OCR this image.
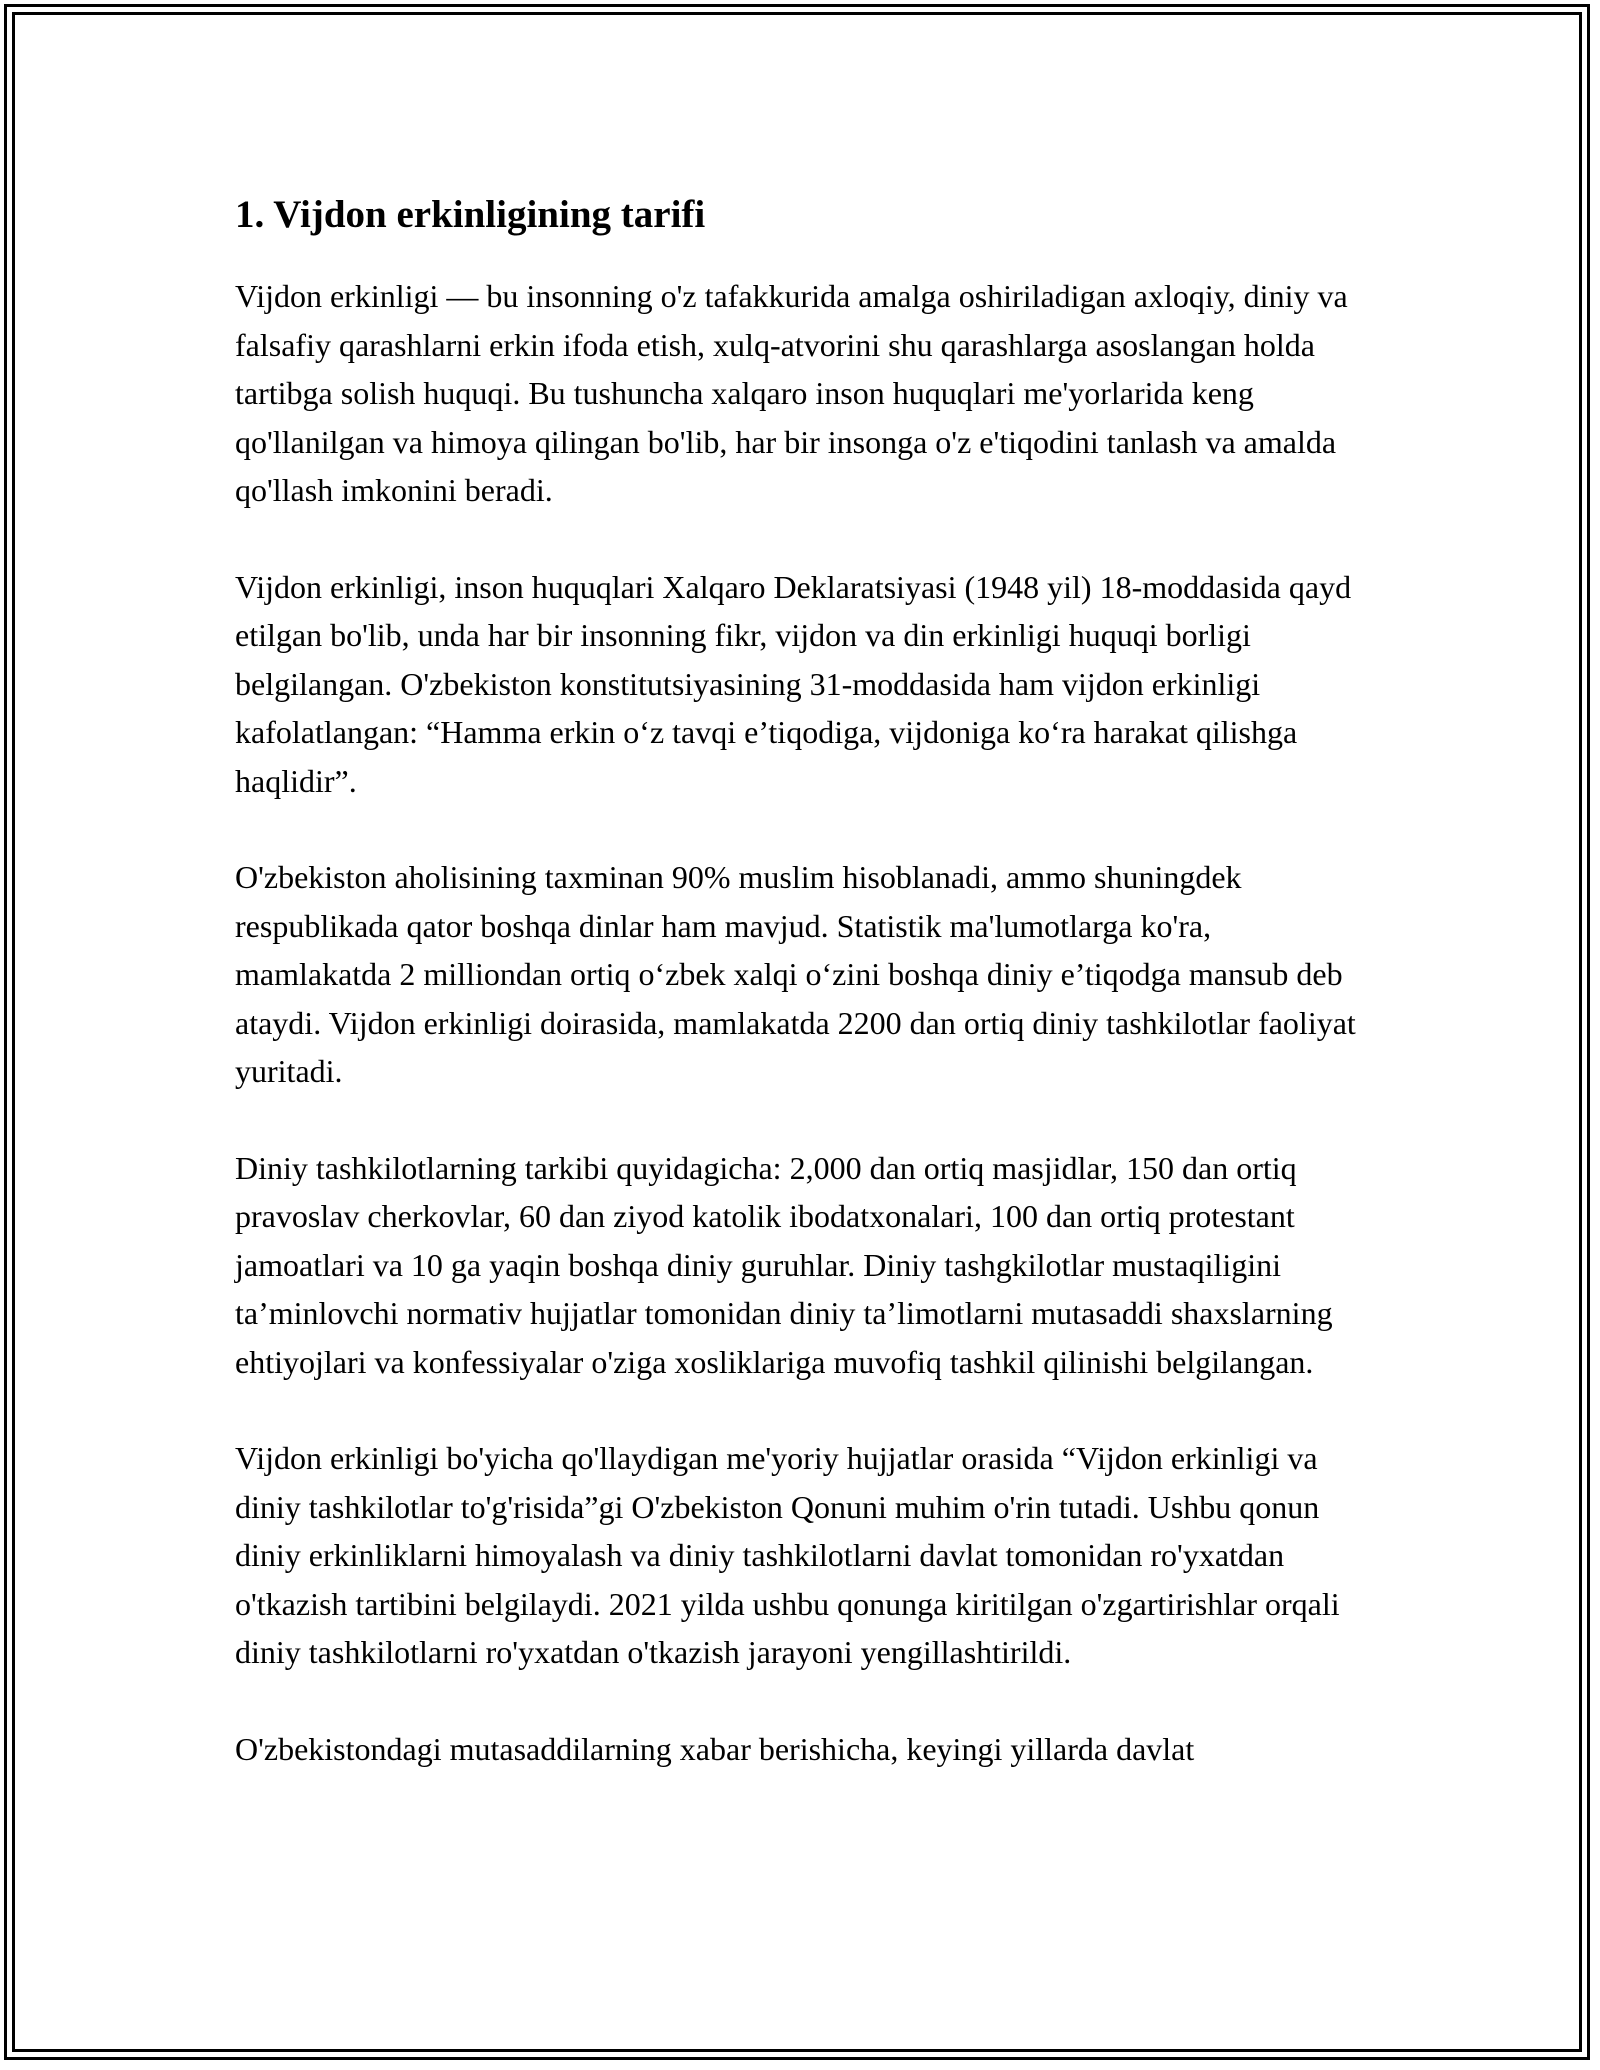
1. Vijdon erkinligining tarifi

Vijdon erkinligi — bu insonning o'z tafakkurida amalga oshiriladigan axloqiy, diniy va falsafiy qarashlarni erkin ifoda etish, xulq-atvorini shu qarashlarga asoslangan holda tartibga solish huquqi. Bu tushuncha xalqaro inson huquqlari me'yorlarida keng qo'llanilgan va himoya qilingan bo'lib, har bir insonga o'z e'tiqodini tanlash va amalda qo'llash imkonini beradi.

Vijdon erkinligi, inson huquqlari Xalqaro Deklaratsiyasi (1948 yil) 18-moddasida qayd etilgan bo'lib, unda har bir insonning fikr, vijdon va din erkinligi huquqi borligi belgilangan. O'zbekiston konstitutsiyasining 31-moddasida ham vijdon erkinligi kafolatlangan: “Hamma erkin o‘z tavqi e’tiqodiga, vijdoniga ko‘ra harakat qilishga haqlidir”.

O'zbekiston aholisining taxminan 90% muslim hisoblanadi, ammo shuningdek respublikada qator boshqa dinlar ham mavjud. Statistik ma'lumotlarga ko'ra, mamlakatda 2 milliondan ortiq o‘zbek xalqi o‘zini boshqa diniy e’tiqodga mansub deb ataydi. Vijdon erkinligi doirasida, mamlakatda 2200 dan ortiq diniy tashkilotlar faoliyat yuritadi.

Diniy tashkilotlarning tarkibi quyidagicha: 2,000 dan ortiq masjidlar, 150 dan ortiq pravoslav cherkovlar, 60 dan ziyod katolik ibodatxonalari, 100 dan ortiq protestant jamoatlari va 10 ga yaqin boshqa diniy guruhlar. Diniy tashgkilotlar mustaqiligini ta’minlovchi normativ hujjatlar tomonidan diniy ta’limotlarni mutasaddi shaxslarning ehtiyojlari va konfessiyalar o'ziga xosliklariga muvofiq tashkil qilinishi belgilangan.

Vijdon erkinligi bo'yicha qo'llaydigan me'yoriy hujjatlar orasida “Vijdon erkinligi va diniy tashkilotlar to'g'risida”gi O'zbekiston Qonuni muhim o'rin tutadi. Ushbu qonun diniy erkinliklarni himoyalash va diniy tashkilotlarni davlat tomonidan ro'yxatdan o'tkazish tartibini belgilaydi. 2021 yilda ushbu qonunga kiritilgan o'zgartirishlar orqali diniy tashkilotlarni ro'yxatdan o'tkazish jarayoni yengillashtirildi.

O'zbekistondagi mutasaddilarning xabar berishicha, keyingi yillarda davlat
